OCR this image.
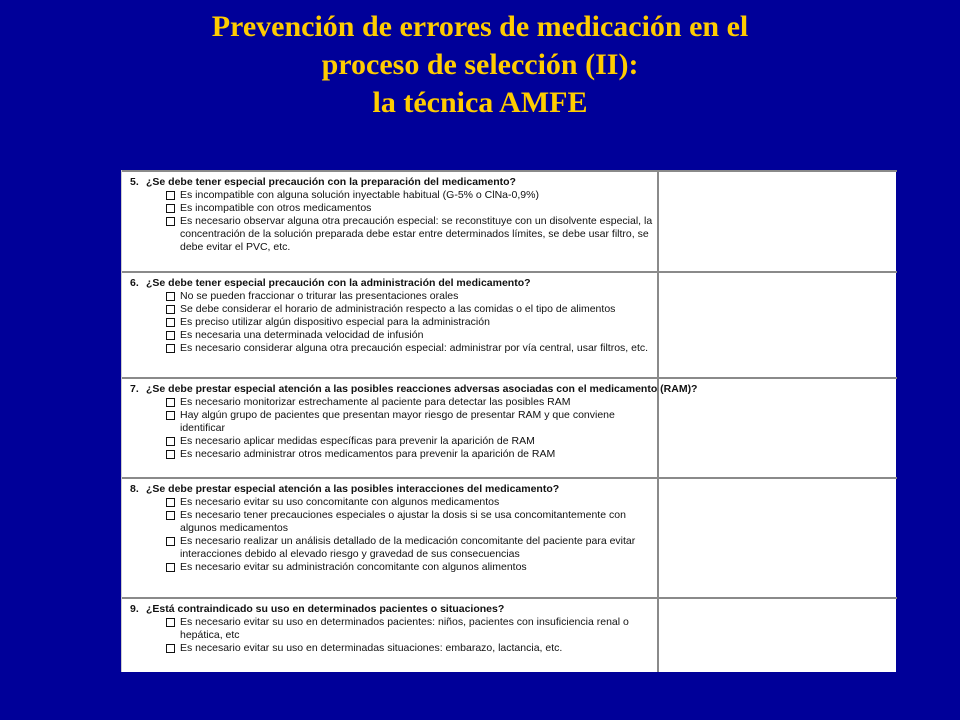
Prevención de errores de medicación en el
proceso de selección (II):
la técnica AMFE
5. ¿Se debe tener especial precaución con la preparación del medicamento?
Es incompatible con alguna solución inyectable habitual (G-5% o ClNa-0,9%)
Es incompatible con otros medicamentos
Es necesario observar alguna otra precaución especial: se reconstituye con un disolvente especial, la concentración de la solución preparada debe estar entre determinados límites, se debe usar filtro, se debe evitar el PVC, etc.
6. ¿Se debe tener especial precaución con la administración del medicamento?
No se pueden fraccionar o triturar las presentaciones orales
Se debe considerar el horario de administración respecto a las comidas o el tipo de alimentos
Es preciso utilizar algún dispositivo especial para la administración
Es necesaria una determinada velocidad de infusión
Es necesario considerar alguna otra precaución especial: administrar por vía central, usar filtros, etc.
7. ¿Se debe prestar especial atención a las posibles reacciones adversas asociadas con el medicamento (RAM)?
Es necesario monitorizar estrechamente al paciente para detectar las posibles RAM
Hay algún grupo de pacientes que presentan mayor riesgo de presentar RAM y que conviene identificar
Es necesario aplicar medidas específicas para prevenir la aparición de RAM
Es necesario administrar otros medicamentos para prevenir la aparición de RAM
8. ¿Se debe prestar especial atención a las posibles interacciones del medicamento?
Es necesario evitar su uso concomitante con algunos medicamentos
Es necesario tener precauciones especiales o ajustar la dosis si se usa concomitantemente con algunos medicamentos
Es necesario realizar un análisis detallado de la medicación concomitante del paciente para evitar interacciones debido al elevado riesgo y gravedad de sus consecuencias
Es necesario evitar su administración concomitante con algunos alimentos
9. ¿Está contraindicado su uso en determinados pacientes o situaciones?
Es necesario evitar su uso en determinados pacientes: niños, pacientes con insuficiencia renal o hepática, etc
Es necesario evitar su uso en determinadas situaciones: embarazo, lactancia, etc.
